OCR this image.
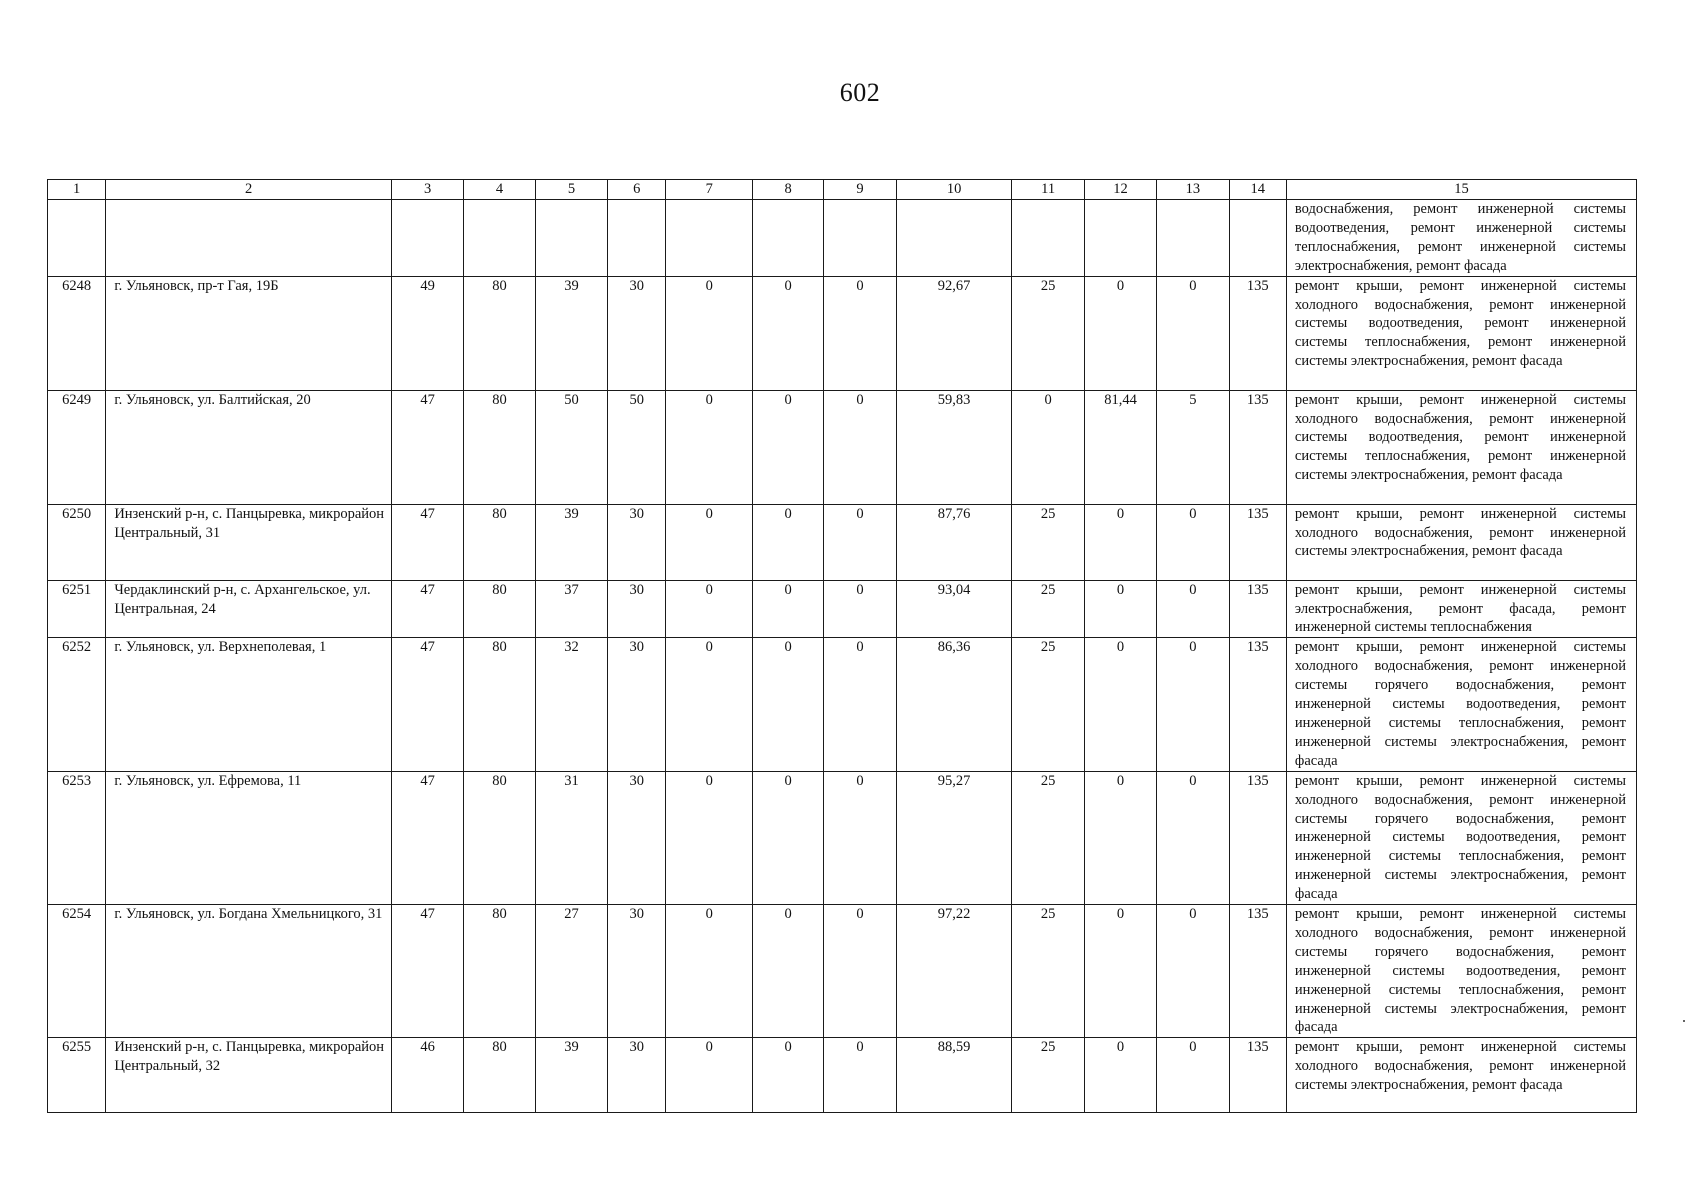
602
1	2	3	4	5	6	7	8	9	10	11	12	13	14	15
														водоснабжения, ремонт инженерной системы водоотведения, ремонт инженерной системы теплоснабжения, ремонт инженерной системы электроснабжения, ремонт фасада
6248	г. Ульяновск, пр-т Гая, 19Б	49	80	39	30	0	0	0	92,67	25	0	0	135	ремонт крыши, ремонт инженерной системы холодного водоснабжения, ремонт инженерной системы водоотведения, ремонт инженерной системы теплоснабжения, ремонт инженерной системы электроснабжения, ремонт фасада
6249	г. Ульяновск, ул. Балтийская, 20	47	80	50	50	0	0	0	59,83	0	81,44	5	135	ремонт крыши, ремонт инженерной системы холодного водоснабжения, ремонт инженерной системы водоотведения, ремонт инженерной системы теплоснабжения, ремонт инженерной системы электроснабжения, ремонт фасада
6250	Инзенский р-н, с. Панцыревка, микрорайон Центральный, 31	47	80	39	30	0	0	0	87,76	25	0	0	135	ремонт крыши, ремонт инженерной системы холодного водоснабжения, ремонт инженерной системы электроснабжения, ремонт фасада
6251	Чердаклинский р-н, с. Архангельское, ул. Центральная, 24	47	80	37	30	0	0	0	93,04	25	0	0	135	ремонт крыши, ремонт инженерной системы электроснабжения, ремонт фасада, ремонт инженерной системы теплоснабжения
6252	г. Ульяновск, ул. Верхнеполевая, 1	47	80	32	30	0	0	0	86,36	25	0	0	135	ремонт крыши, ремонт инженерной системы холодного водоснабжения, ремонт инженерной системы горячего водоснабжения, ремонт инженерной системы водоотведения, ремонт инженерной системы теплоснабжения, ремонт инженерной системы электроснабжения, ремонт фасада
6253	г. Ульяновск, ул. Ефремова, 11	47	80	31	30	0	0	0	95,27	25	0	0	135	ремонт крыши, ремонт инженерной системы холодного водоснабжения, ремонт инженерной системы горячего водоснабжения, ремонт инженерной системы водоотведения, ремонт инженерной системы теплоснабжения, ремонт инженерной системы электроснабжения, ремонт фасада
6254	г. Ульяновск, ул. Богдана Хмельницкого, 31	47	80	27	30	0	0	0	97,22	25	0	0	135	ремонт крыши, ремонт инженерной системы холодного водоснабжения, ремонт инженерной системы горячего водоснабжения, ремонт инженерной системы водоотведения, ремонт инженерной системы теплоснабжения, ремонт инженерной системы электроснабжения, ремонт фасада
6255	Инзенский р-н, с. Панцыревка, микрорайон Центральный, 32	46	80	39	30	0	0	0	88,59	25	0	0	135	ремонт крыши, ремонт инженерной системы холодного водоснабжения, ремонт инженерной системы электроснабжения, ремонт фасада
